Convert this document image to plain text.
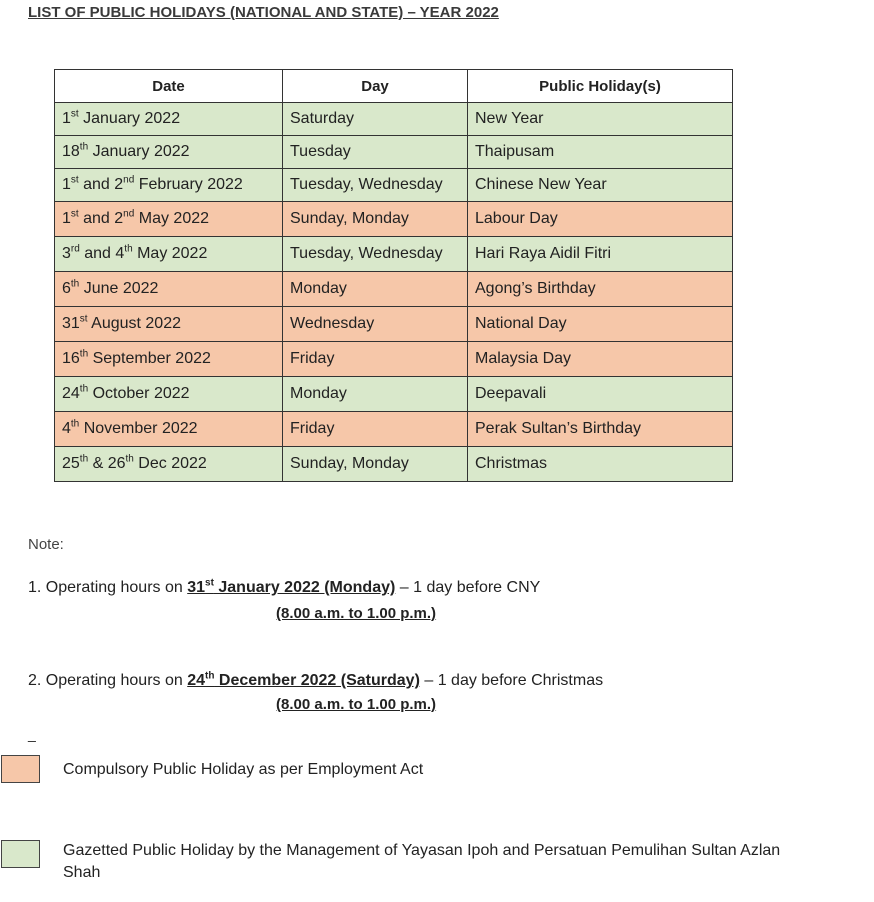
LIST OF PUBLIC HOLIDAYS (NATIONAL AND STATE) – YEAR 2022
Date	Day	Public Holiday(s)
1st January 2022	Saturday	New Year
18th January 2022	Tuesday	Thaipusam
1st and 2nd February 2022	Tuesday, Wednesday	Chinese New Year
1st and 2nd May 2022	Sunday, Monday	Labour Day
3rd and 4th May 2022	Tuesday, Wednesday	Hari Raya Aidil Fitri
6th June 2022	Monday	Agong’s Birthday
31st August 2022	Wednesday	National Day
16th September 2022	Friday	Malaysia Day
24th October 2022	Monday	Deepavali
4th November 2022	Friday	Perak Sultan’s Birthday
25th & 26th Dec 2022	Sunday, Monday	Christmas
Note:
1. Operating hours on 31st January 2022 (Monday) – 1 day before CNY
(8.00 a.m. to 1.00 p.m.)
2. Operating hours on 24th December 2022 (Saturday) – 1 day before Christmas
(8.00 a.m. to 1.00 p.m.)
_
Compulsory Public Holiday as per Employment Act
Gazetted Public Holiday by the Management of Yayasan Ipoh and Persatuan Pemulihan Sultan Azlan Shah
